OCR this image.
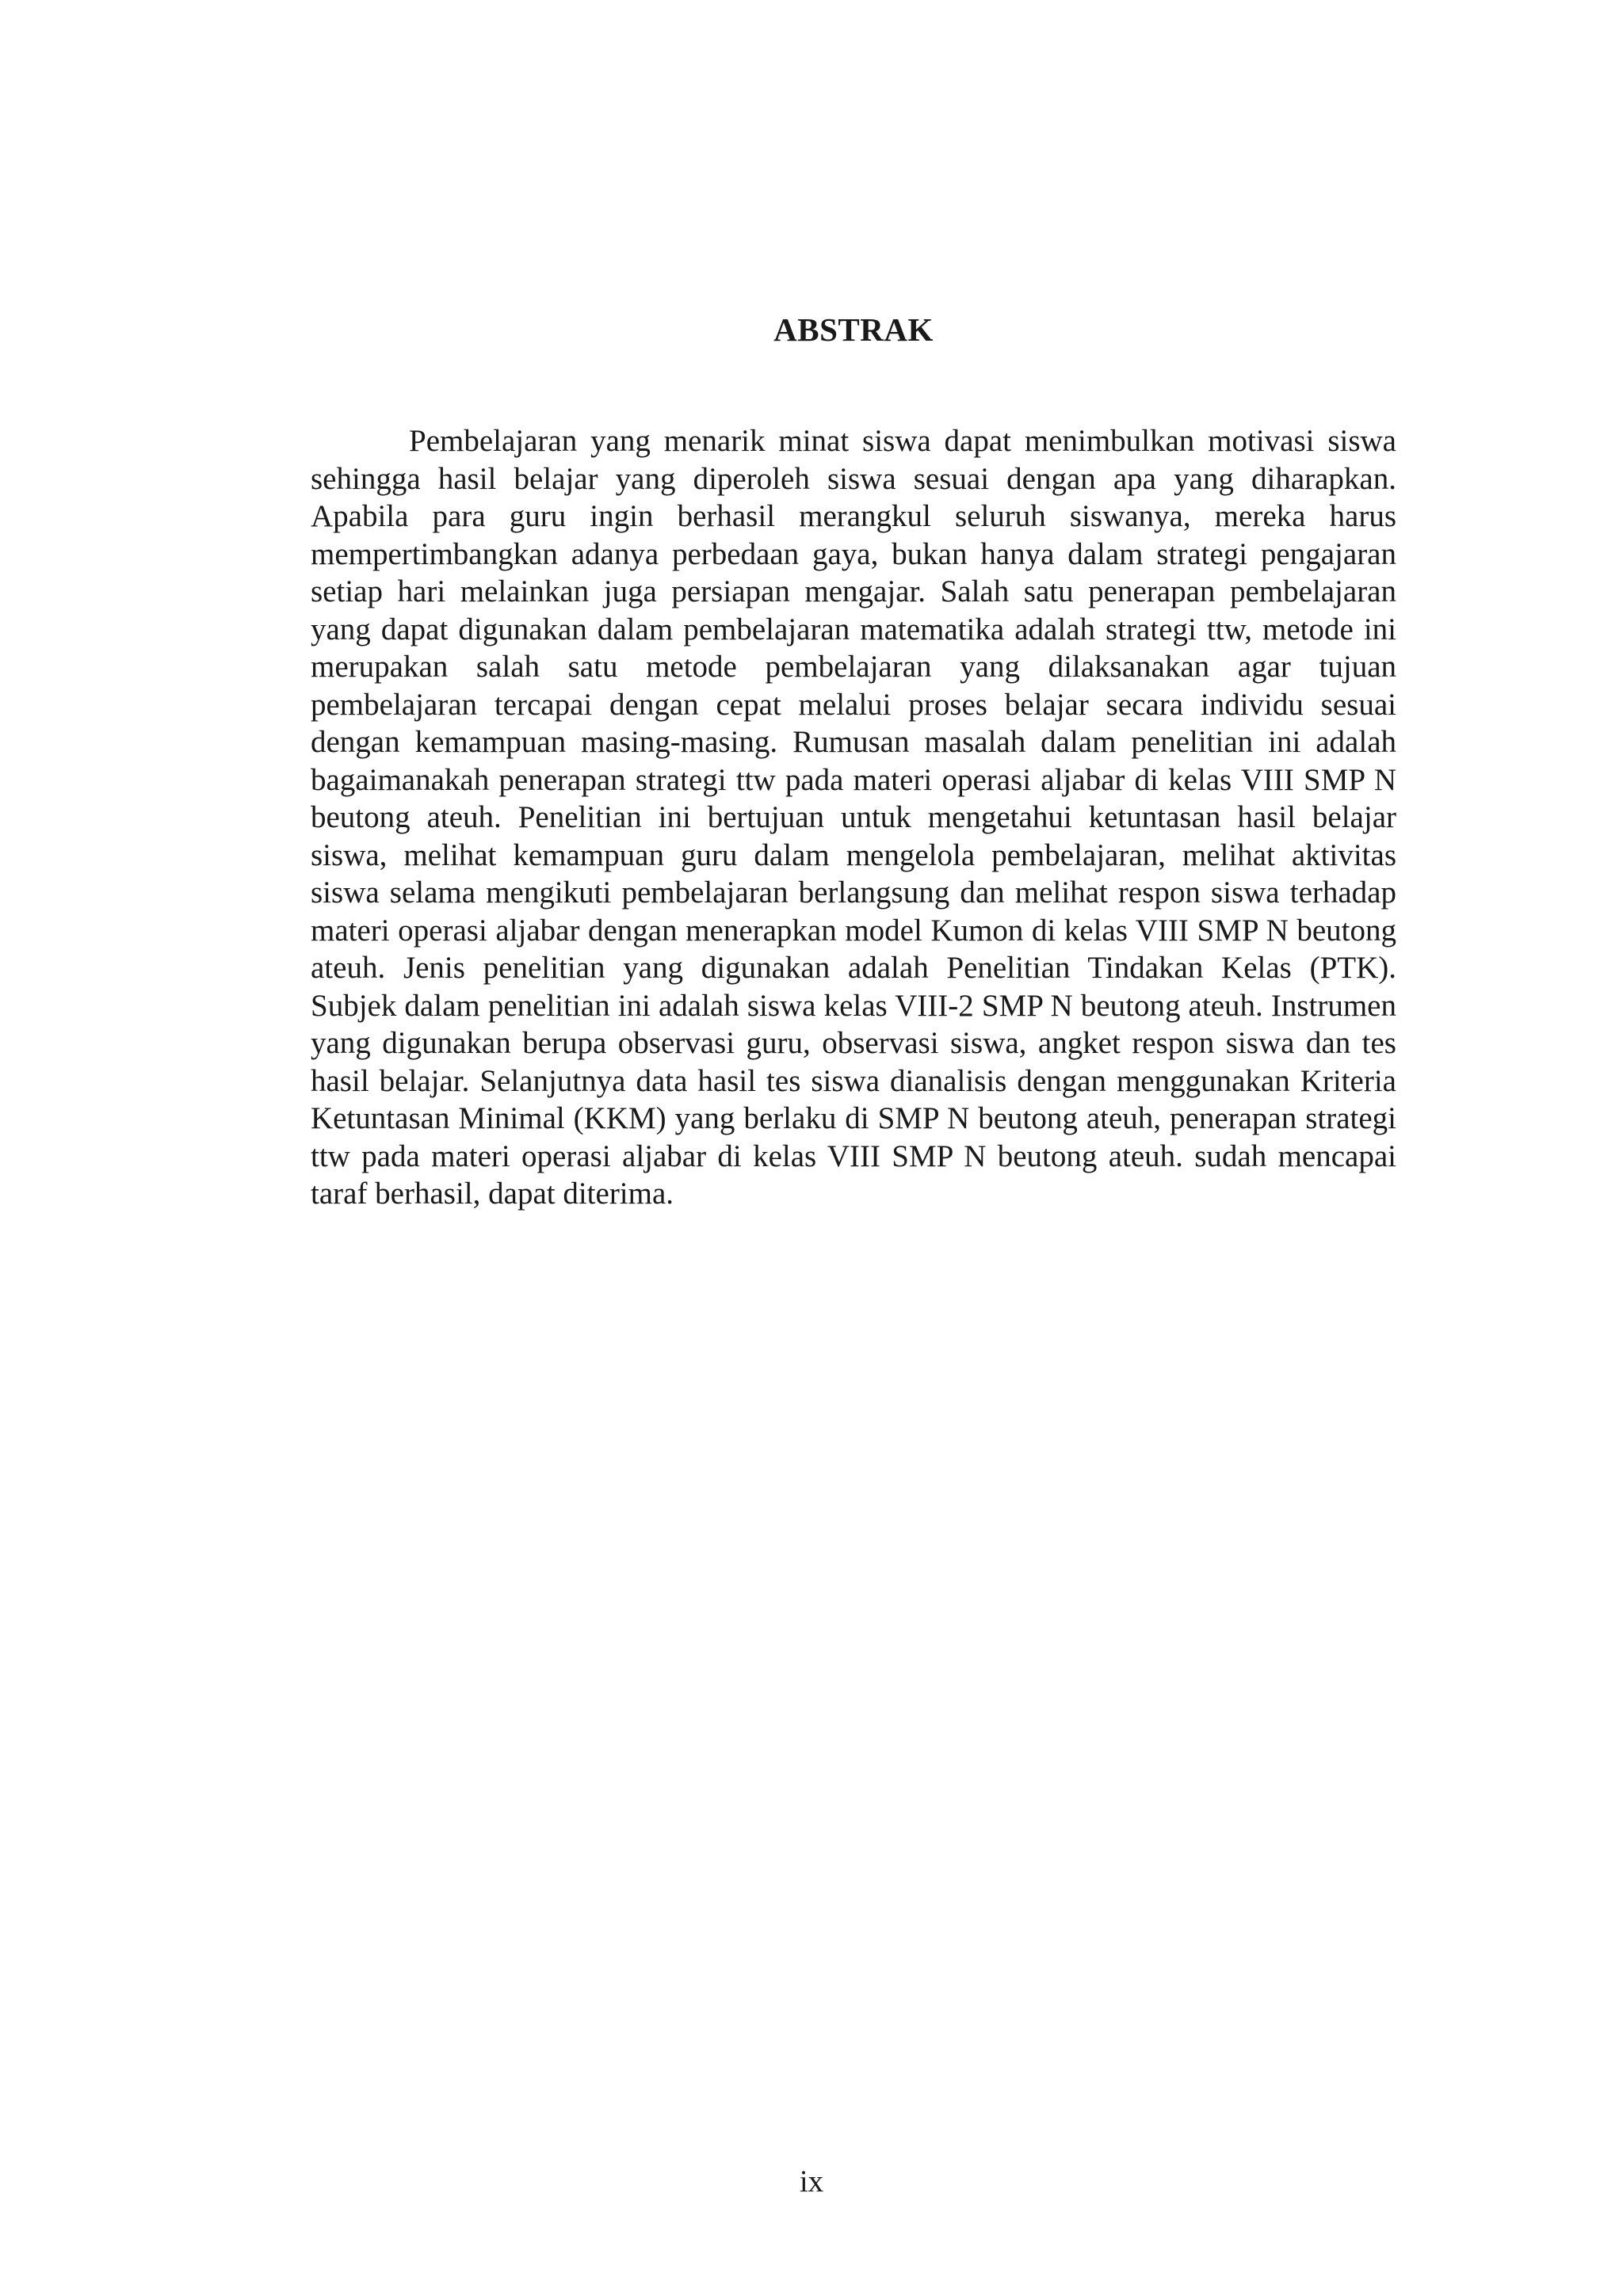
ABSTRAK

Pembelajaran yang menarik minat siswa dapat menimbulkan motivasi siswa sehingga hasil belajar yang diperoleh siswa sesuai dengan apa yang diharapkan. Apabila para guru ingin berhasil merangkul seluruh siswanya, mereka harus mempertimbangkan adanya perbedaan gaya, bukan hanya dalam strategi pengajaran setiap hari melainkan juga persiapan mengajar. Salah satu penerapan pembelajaran yang dapat digunakan dalam pembelajaran matematika adalah strategi ttw, metode ini merupakan salah satu metode pembelajaran yang dilaksanakan agar tujuan pembelajaran tercapai dengan cepat melalui proses belajar secara individu sesuai dengan kemampuan masing-masing. Rumusan masalah dalam penelitian ini adalah bagaimanakah penerapan strategi ttw pada materi operasi aljabar di kelas VIII SMP N beutong ateuh. Penelitian ini bertujuan untuk mengetahui ketuntasan hasil belajar siswa, melihat kemampuan guru dalam mengelola pembelajaran, melihat aktivitas siswa selama mengikuti pembelajaran berlangsung dan melihat respon siswa terhadap materi operasi aljabar dengan menerapkan model Kumon di kelas VIII SMP N beutong ateuh. Jenis penelitian yang digunakan adalah Penelitian Tindakan Kelas (PTK). Subjek dalam penelitian ini adalah siswa kelas VIII-2 SMP N beutong ateuh. Instrumen yang digunakan berupa observasi guru, observasi siswa, angket respon siswa dan tes hasil belajar. Selanjutnya data hasil tes siswa dianalisis dengan menggunakan Kriteria Ketuntasan Minimal (KKM) yang berlaku di SMP N beutong ateuh, penerapan strategi ttw pada materi operasi aljabar di kelas VIII SMP N beutong ateuh. sudah mencapai taraf berhasil, dapat diterima.

ix
